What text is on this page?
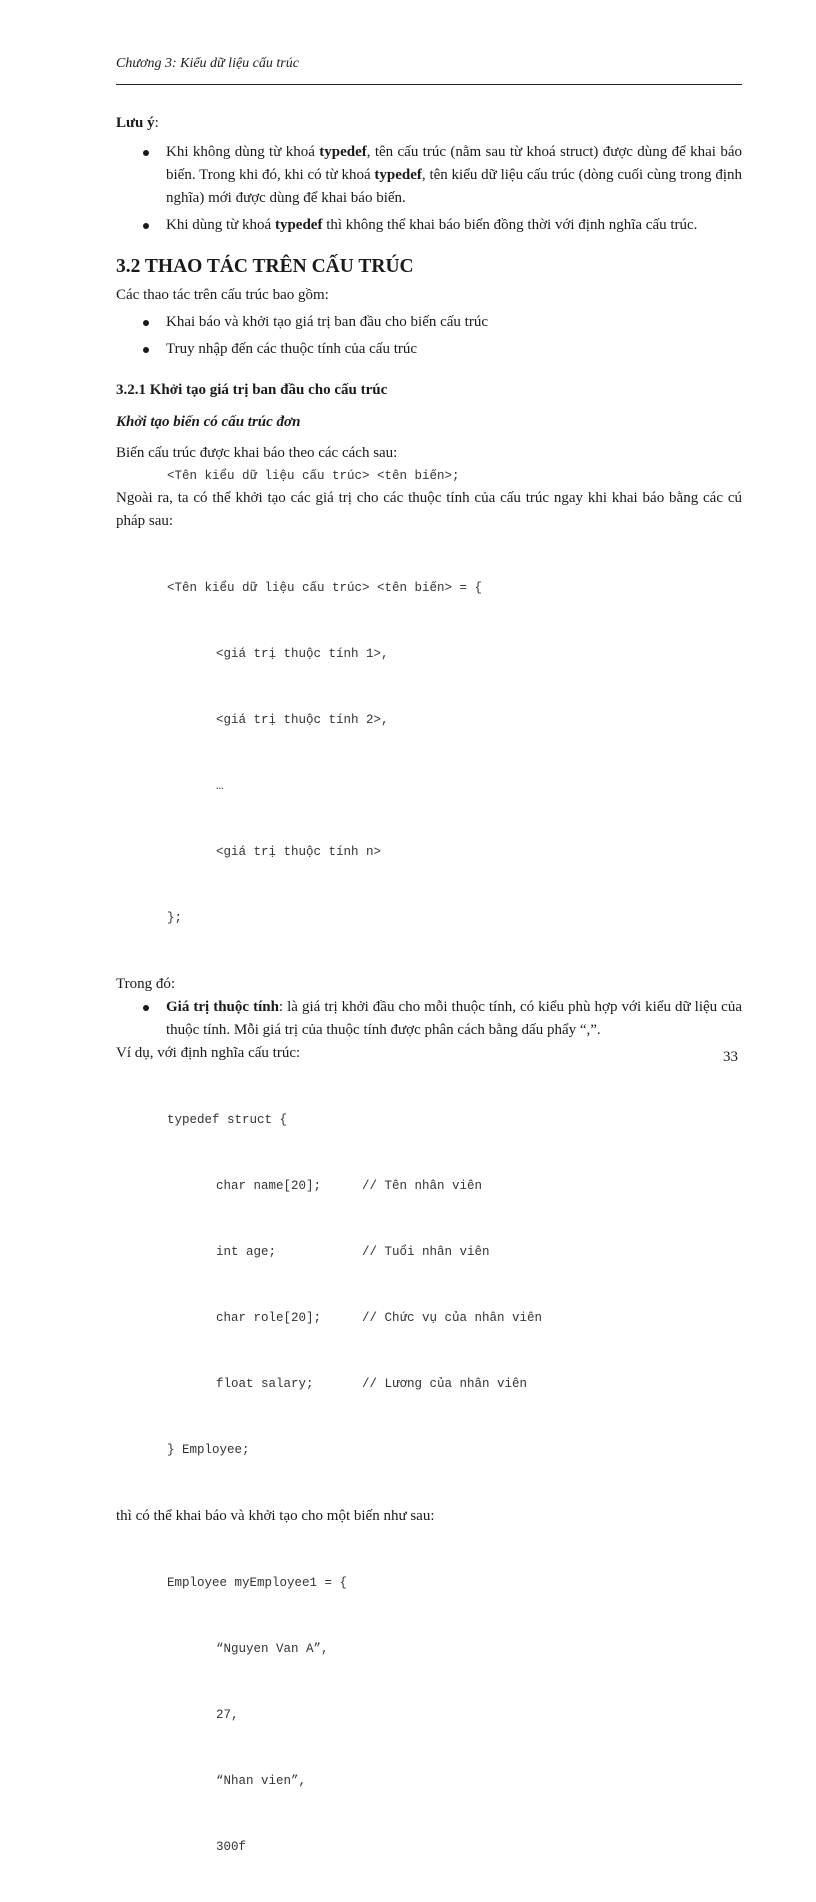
Chương 3: Kiểu dữ liệu cấu trúc

Lưu ý:

Khi không dùng từ khoá typedef, tên cấu trúc (nằm sau từ khoá struct) được dùng để khai báo biến. Trong khi đó, khi có từ khoá typedef, tên kiểu dữ liệu cấu trúc (dòng cuối cùng trong định nghĩa) mới được dùng để khai báo biến.
Khi dùng từ khoá typedef thì không thể khai báo biến đồng thời với định nghĩa cấu trúc.
3.2 THAO TÁC TRÊN CẤU TRÚC

Các thao tác trên cấu trúc bao gồm:

Khai báo và khởi tạo giá trị ban đầu cho biến cấu trúc
Truy nhập đến các thuộc tính của cấu trúc
3.2.1 Khởi tạo giá trị ban đầu cho cấu trúc
Khởi tạo biến có cấu trúc đơn

Biến cấu trúc được khai báo theo các cách sau:

<Tên kiểu dữ liệu cấu trúc> <tên biến>;

Ngoài ra, ta có thể khởi tạo các giá trị cho các thuộc tính của cấu trúc ngay khi khai báo bằng các cú pháp sau:

<Tên kiểu dữ liệu cấu trúc> <tên biến> = {

<giá trị thuộc tính 1>,

<giá trị thuộc tính 2>,

…

<giá trị thuộc tính n>

};

Trong đó:

Giá trị thuộc tính: là giá trị khởi đầu cho mỗi thuộc tính, có kiểu phù hợp với kiểu dữ liệu của thuộc tính. Mỗi giá trị của thuộc tính được phân cách bằng dấu phẩy “,”.

Ví dụ, với định nghĩa cấu trúc:

typedef struct {

char name[20];	// Tên nhân viên

int age;	// Tuổi nhân viên

char role[20];	// Chức vụ của nhân viên

float salary;	// Lương của nhân viên

} Employee;

thì có thể khai báo và khởi tạo cho một biến như sau:

Employee myEmployee1 = {

“Nguyen Van A”,

27,

“Nhan vien”,

300f

33
